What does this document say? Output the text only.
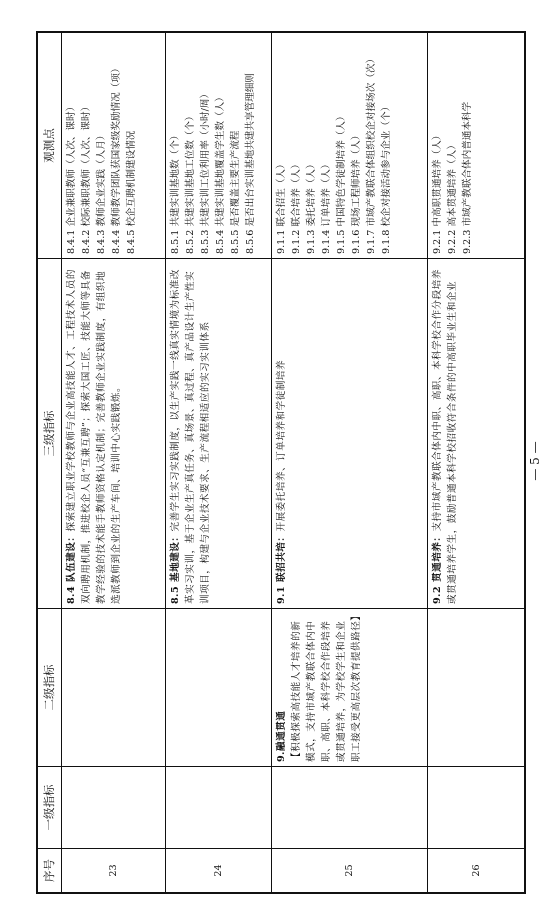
序号
一级指标
二级指标
三级指标
观测点
23
8.4 队伍建设：探索建立职业学校教师与企业高技能人才、工程技术人员的双向聘用机制，推进校企人员“互兼互聘”；探索大国工匠、技能大师等具备教学经验的技术能手教师资格认定机制；完善教师企业实践制度，有组织地选派教师到企业的生产车间、培训中心实践锻炼。
8.4.1 企业兼职教师（人次、课时） 8.4.2 校际兼职教师（人次、课时） 8.4.3 教师企业实践（人月） 8.4.4 教师教学团队获国家级奖励情况（项） 8.4.5 校企互聘机制建设情况
24
8.5 基地建设：完善学生实习实践制度，以生产实践一线真实情境为标准改革实习实训，基于企业生产真任务、真场景、真过程、真产品设计生产性实训项目，构建与企业技术要求、生产流程相适应的实习实训体系
8.5.1 共建实训基地数（个） 8.5.2 共建实训基地工位数（个） 8.5.3 共建实训工位利用率（小时/周） 8.5.4 共建实训基地覆盖学生数（人） 8.5.5 是否覆盖主要生产流程 8.5.6 是否出台实训基地共建共享管理细则
25
9.融通贯通 【积极探索高技能人才培养的新模式，支持市域产教联合体内中职、高职、本科学校合作段培养或贯通培养，为学校学生和企业职工接受更高层次教育提供路径】
9.1 联招共培：开展委托培养、订单培养和学徒制培养
9.1.1 联合招生（人） 9.1.2 联合培养（人） 9.1.3 委托培养（人） 9.1.4 订单培养（人） 9.1.5 中国特色学徒制培养（人） 9.1.6 现场工程师培养（人） 9.1.7 市域产教联合体组织校企对接场次（次） 9.1.8 校企对接活动参与企业（个）
26
9.2 贯通培养：支持市域产教联合体内中职、高职、本科学校合作分段培养或贯通培养学生，鼓励普通本科学校招收符合条件的中高职毕业生和企业
9.2.1 中高职贯通培养（人） 9.2.2 高本贯通培养（人） 9.2.3 市域产教联合体内普通本科学
— 5 —
